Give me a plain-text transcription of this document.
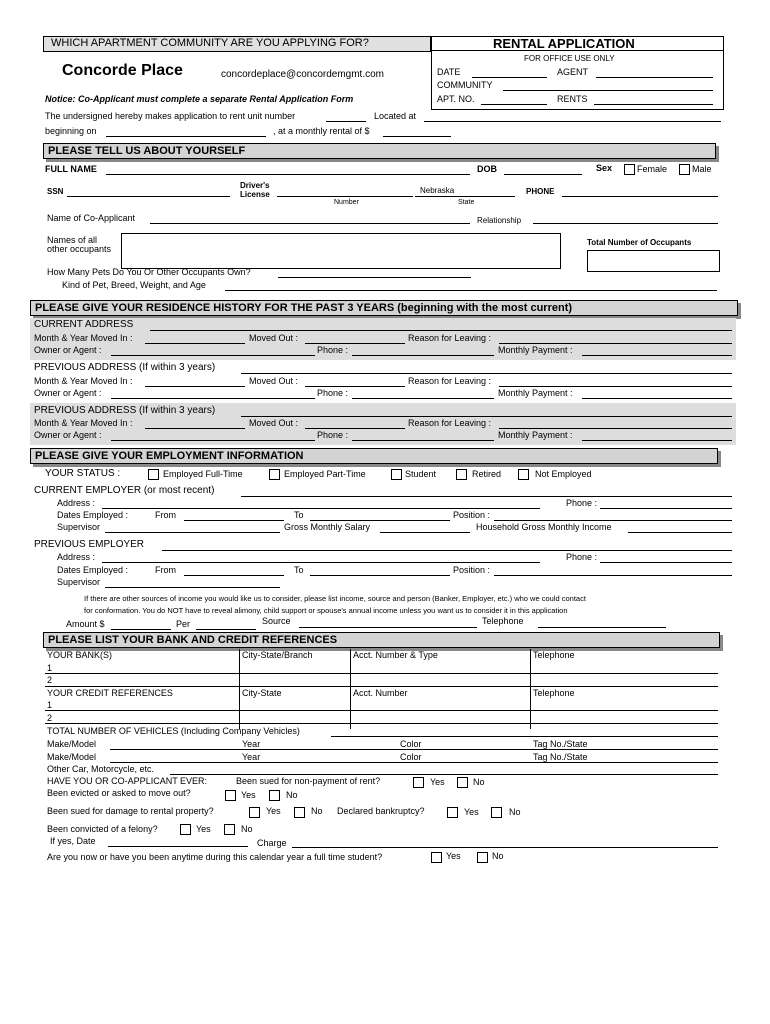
WHICH APARTMENT COMMUNITY ARE YOU APPLYING FOR?	RENTAL APPLICATION
FOR OFFICE USE ONLY
Concorde Place	concordeplace@concordemgmt.com	DATE	AGENT
COMMUNITY
APT. NO.	RENTS
Notice: Co-Applicant must complete a separate Rental Application Form
The undersigned hereby makes application to rent unit number	Located at
beginning on	, at a monthly rental of $
PLEASE TELL US ABOUT YOURSELF
FULL NAME	DOB	Sex	Female	Male
SSN
Driver's
License
Number
Nebraska
State
PHONE
Name of Co-Applicant	Relationship
Names of all
other occupants
Total Number of Occupants
How Many Pets Do You Or Other Occupants Own?
Kind of Pet, Breed, Weight, and Age
PLEASE GIVE YOUR RESIDENCE HISTORY FOR THE PAST 3 YEARS (beginning with the most current)
CURRENT ADDRESS
Month & Year Moved In :	Moved Out :	Reason for Leaving :
Owner or Agent :	Phone :	Monthly Payment :
PREVIOUS ADDRESS (If within 3 years)
Month & Year Moved In :	Moved Out :	Reason for Leaving :
Owner or Agent :	Phone :	Monthly Payment :
PREVIOUS ADDRESS (If within 3 years)
Month & Year Moved In :	Moved Out :	Reason for Leaving :
Owner or Agent :	Phone :	Monthly Payment :
PLEASE GIVE YOUR EMPLOYMENT INFORMATION
YOUR STATUS :	Employed Full-Time	Employed Part-Time	Student	Retired	Not Employed
CURRENT EMPLOYER (or most recent)
Address :	Phone :
Dates Employed :	From	To	Position :
Supervisor	Gross Monthly Salary	Household Gross Monthly Income
PREVIOUS EMPLOYER
Address :	Phone :
Dates Employed :	From	To	Position :
Supervisor
If there are other sources of income you would like us to consider, please list income, source and person (Banker, Employer, etc.) who we could contact
for conformation. You do NOT have to reveal alimony, child support or spouse's annual income unless you want us to consider it in this application
Source	Telephone
Amount $	Per
PLEASE LIST YOUR BANK AND CREDIT REFERENCES
YOUR BANK(S)	City-State/Branch	Acct. Number & Type	Telephone
1
2
YOUR CREDIT REFERENCES	City-State	Acct. Number	Telephone
1
2
TOTAL NUMBER OF VEHICLES (Including Company Vehicles)
Make/Model	Year	Color	Tag No./State
Make/Model	Year	Color	Tag No./State
Other Car, Motorcycle, etc.
HAVE YOU OR CO-APPLICANT EVER:	Been sued for non-payment of rent?	Yes	No
Been evicted or asked to move out?	Yes	No
Been sued for damage to rental property?	Yes	No Declared bankruptcy?	Yes	No
Been convicted of a felony?	Yes	No
If yes, Date	Charge
Are you now or have you been anytime during this calendar year a full time student?	Yes	No
